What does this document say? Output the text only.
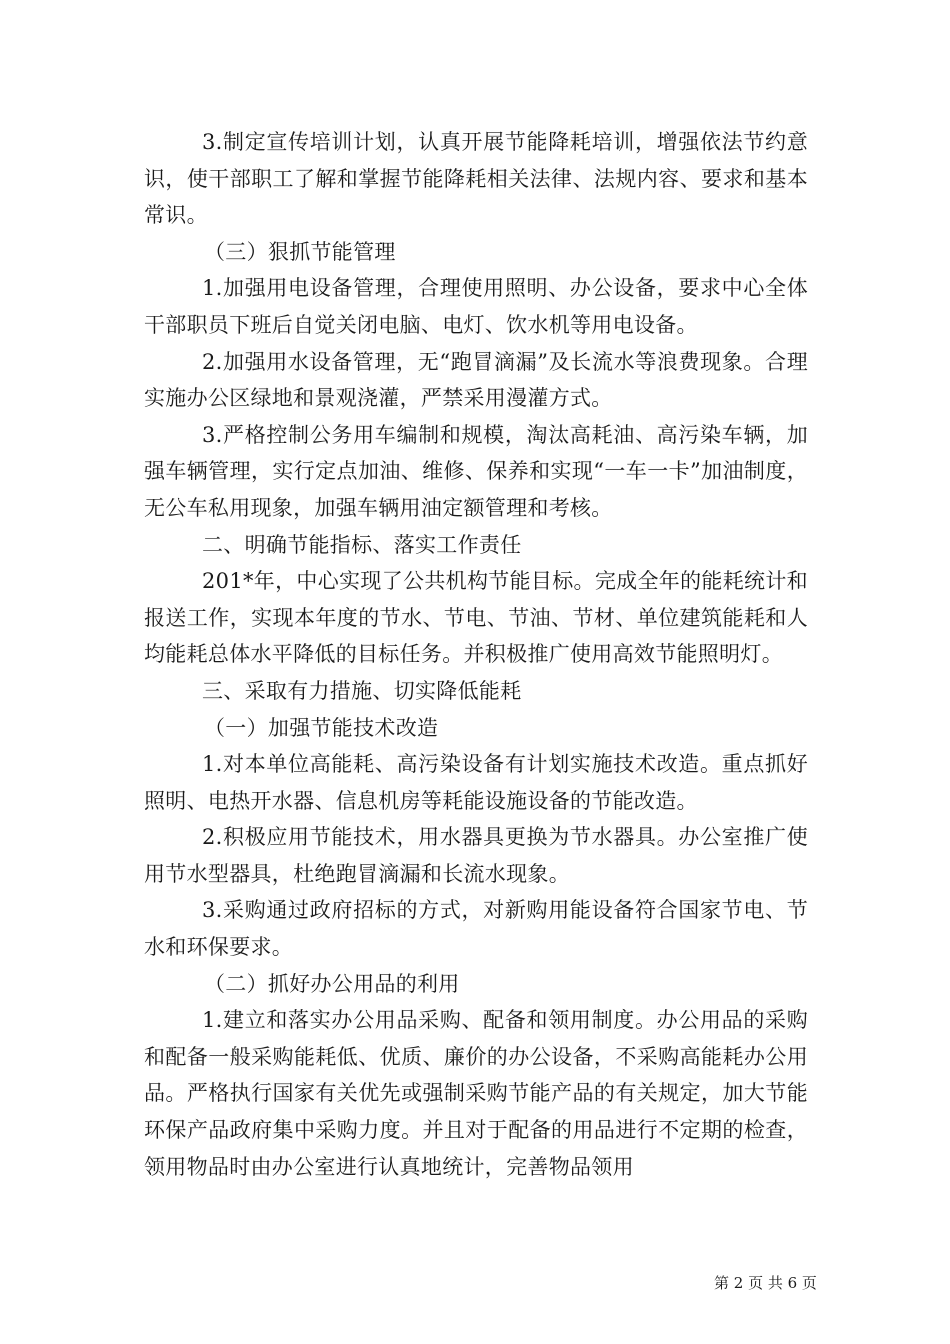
3.制定宣传培训计划，认真开展节能降耗培训，增强依法节约意识，使干部职工了解和掌握节能降耗相关法律、法规内容、要求和基本常识。

（三）狠抓节能管理

1.加强用电设备管理，合理使用照明、办公设备，要求中心全体干部职员下班后自觉关闭电脑、电灯、饮水机等用电设备。

2.加强用水设备管理，无“跑冒滴漏”及长流水等浪费现象。合理实施办公区绿地和景观浇灌，严禁采用漫灌方式。

3.严格控制公务用车编制和规模，淘汰高耗油、高污染车辆，加强车辆管理，实行定点加油、维修、保养和实现“一车一卡”加油制度，无公车私用现象，加强车辆用油定额管理和考核。

二、明确节能指标、落实工作责任

201*年，中心实现了公共机构节能目标。完成全年的能耗统计和报送工作，实现本年度的节水、节电、节油、节材、单位建筑能耗和人均能耗总体水平降低的目标任务。并积极推广使用高效节能照明灯。

三、采取有力措施、切实降低能耗

（一）加强节能技术改造

1.对本单位高能耗、高污染设备有计划实施技术改造。重点抓好照明、电热开水器、信息机房等耗能设施设备的节能改造。

2.积极应用节能技术，用水器具更换为节水器具。办公室推广使用节水型器具，杜绝跑冒滴漏和长流水现象。

3.采购通过政府招标的方式，对新购用能设备符合国家节电、节水和环保要求。

（二）抓好办公用品的利用

1.建立和落实办公用品采购、配备和领用制度。办公用品的采购和配备一般采购能耗低、优质、廉价的办公设备，不采购高能耗办公用品。严格执行国家有关优先或强制采购节能产品的有关规定，加大节能环保产品政府集中采购力度。并且对于配备的用品进行不定期的检查，领用物品时由办公室进行认真地统计，完善物品领用

第 2 页 共 6 页
